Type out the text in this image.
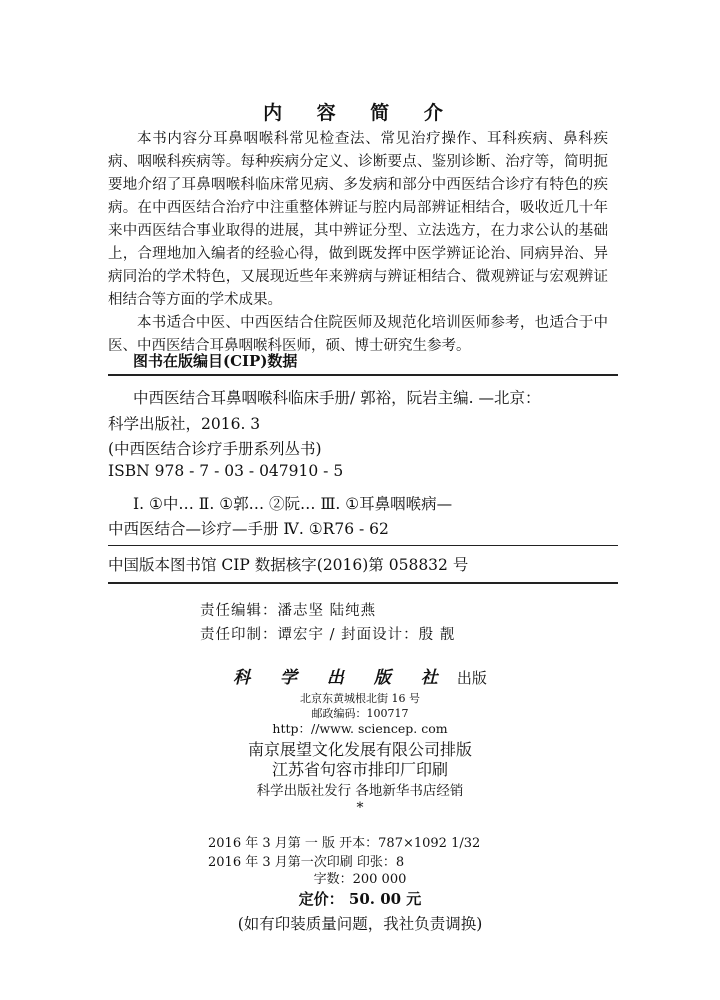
内 容 简 介

本书内容分耳鼻咽喉科常见检查法、常见治疗操作、耳科疾病、鼻科疾病、咽喉科疾病等。每种疾病分定义、诊断要点、鉴别诊断、治疗等，简明扼要地介绍了耳鼻咽喉科临床常见病、多发病和部分中西医结合诊疗有特色的疾病。在中西医结合治疗中注重整体辨证与腔内局部辨证相结合，吸收近几十年来中西医结合事业取得的进展，其中辨证分型、立法选方，在力求公认的基础上，合理地加入编者的经验心得，做到既发挥中医学辨证论治、同病异治、异病同治的学术特色，又展现近些年来辨病与辨证相结合、微观辨证与宏观辨证相结合等方面的学术成果。

本书适合中医、中西医结合住院医师及规范化培训医师参考，也适合于中医、中西医结合耳鼻咽喉科医师，硕、博士研究生参考。

图书在版编目(CIP)数据
中西医结合耳鼻咽喉科临床手册/ 郭裕，阮岩主编. —北京：
科学出版社，2016. 3
(中西医结合诊疗手册系列丛书)
ISBN 978 - 7 - 03 - 047910 - 5
Ⅰ. ①中… Ⅱ. ①郭… ②阮… Ⅲ. ①耳鼻咽喉病—
中西医结合—诊疗—手册 Ⅳ. ①R76 - 62
中国版本图书馆 CIP 数据核字(2016)第 058832 号
责任编辑：潘志坚 陆纯燕
责任印制：谭宏宇 / 封面设计：殷 靓
科 学 出 版 社 出版
北京东黄城根北街 16 号
邮政编码：100717
http：//www. sciencep. com
南京展望文化发展有限公司排版
江苏省句容市排印厂印刷
科学出版社发行 各地新华书店经销
*
2016 年 3 月第 一 版 开本：787×1092 1/32
2016 年 3 月第一次印刷 印张：8
字数：200 000
定价： 50. 00 元
(如有印装质量问题，我社负责调换)
